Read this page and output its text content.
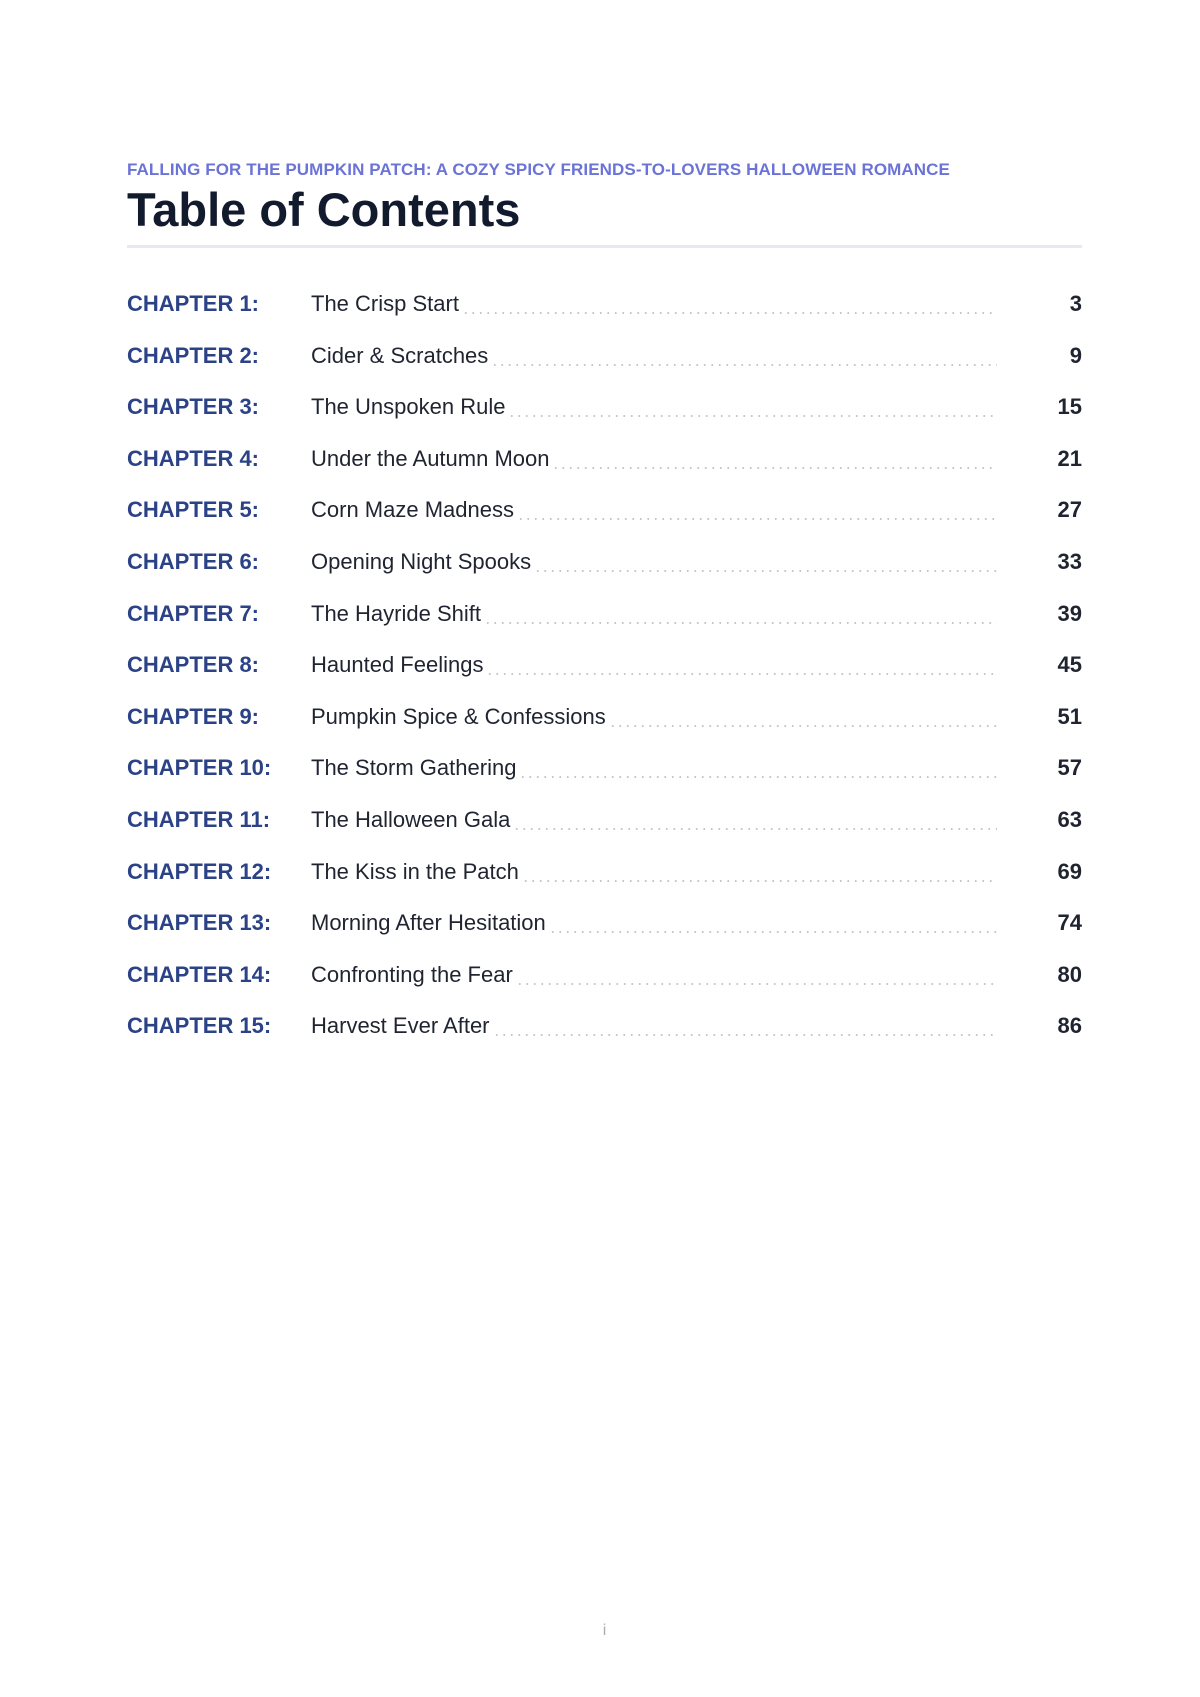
FALLING FOR THE PUMPKIN PATCH: A COZY SPICY FRIENDS-TO-LOVERS HALLOWEEN ROMANCE
Table of Contents
CHAPTER 1: The Crisp Start	3
CHAPTER 2: Cider & Scratches	9
CHAPTER 3: The Unspoken Rule	15
CHAPTER 4: Under the Autumn Moon	21
CHAPTER 5: Corn Maze Madness	27
CHAPTER 6: Opening Night Spooks	33
CHAPTER 7: The Hayride Shift	39
CHAPTER 8: Haunted Feelings	45
CHAPTER 9: Pumpkin Spice & Confessions	51
CHAPTER 10: The Storm Gathering	57
CHAPTER 11: The Halloween Gala	63
CHAPTER 12: The Kiss in the Patch	69
CHAPTER 13: Morning After Hesitation	74
CHAPTER 14: Confronting the Fear	80
CHAPTER 15: Harvest Ever After	86
i
